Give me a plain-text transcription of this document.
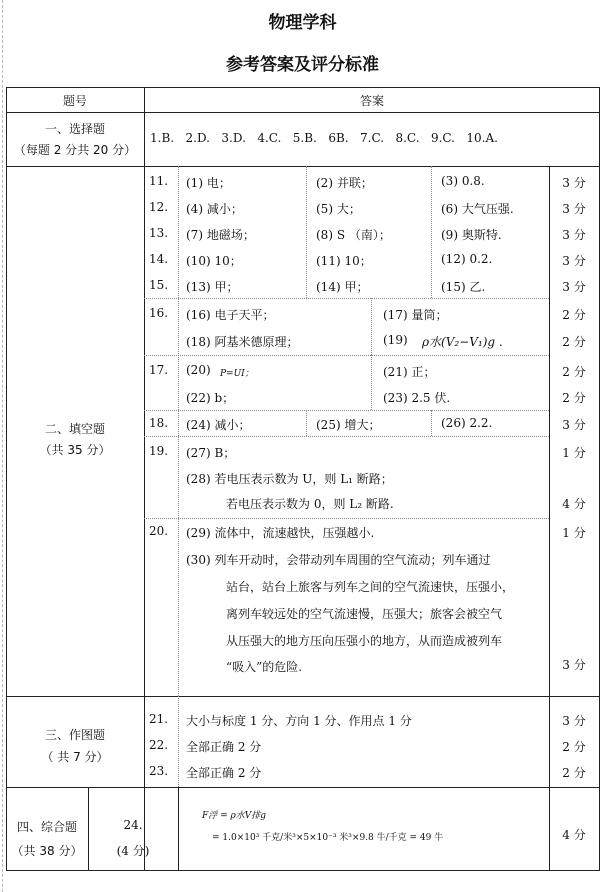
物理学科
参考答案及评分标准
题号	答案
一、选择题
（每题 2 分共 20 分）
1.B.   2.D.   3.D.   4.C.   5.B.   6B.   7.C.   8.C.   9.C.   10.A.
二、填空题
（共 35 分）
11.	(1) 电；	(2) 并联；	(3) 0.8.	3 分
12.	(4) 减小；	(5) 大；	(6) 大气压强.	3 分
13.	(7) 地磁场；	(8) S （南）；	(9) 奥斯特.	3 分
14.	(10) 10；	(11) 10；	(12) 0.2.	3 分
15.	(13) 甲；	(14) 甲；	(15) 乙.	3 分
16.	(16) 电子天平；	(17) 量筒；	2 分
(18) 阿基米德原理；	(19) ρ水(V₂−V₁)g .	2 分
17.	(20) P=UI；	(21) 正；	2 分
(22) b；	(23) 2.5 伏.	2 分
18.	(24) 减小；	(25) 增大；	(26) 2.2.	3 分
19.	(27) B；	1 分
(28) 若电压表示数为 U，则 L₁ 断路；
若电压表示数为 0，则 L₂ 断路.	4 分
20.	(29) 流体中，流速越快，压强越小.	1 分
(30) 列车开动时，会带动列车周围的空气流动；列车通过
站台，站台上旅客与列车之间的空气流速快，压强小，
离列车较远处的空气流速慢，压强大；旅客会被空气
从压强大的地方压向压强小的地方，从而造成被列车
“吸入”的危险.	3 分
三、作图题
（ 共 7 分）
21.	大小与标度 1 分、方向 1 分、作用点 1 分	3 分
22.	全部正确 2 分	2 分
23.	全部正确 2 分	2 分
四、综合题
（共 38 分）
24.
(4 分)
F浮 = ρ水V排g
= 1.0×10³ 千克/米³×5×10⁻³ 米³×9.8 牛/千克 = 49 牛	4 分
